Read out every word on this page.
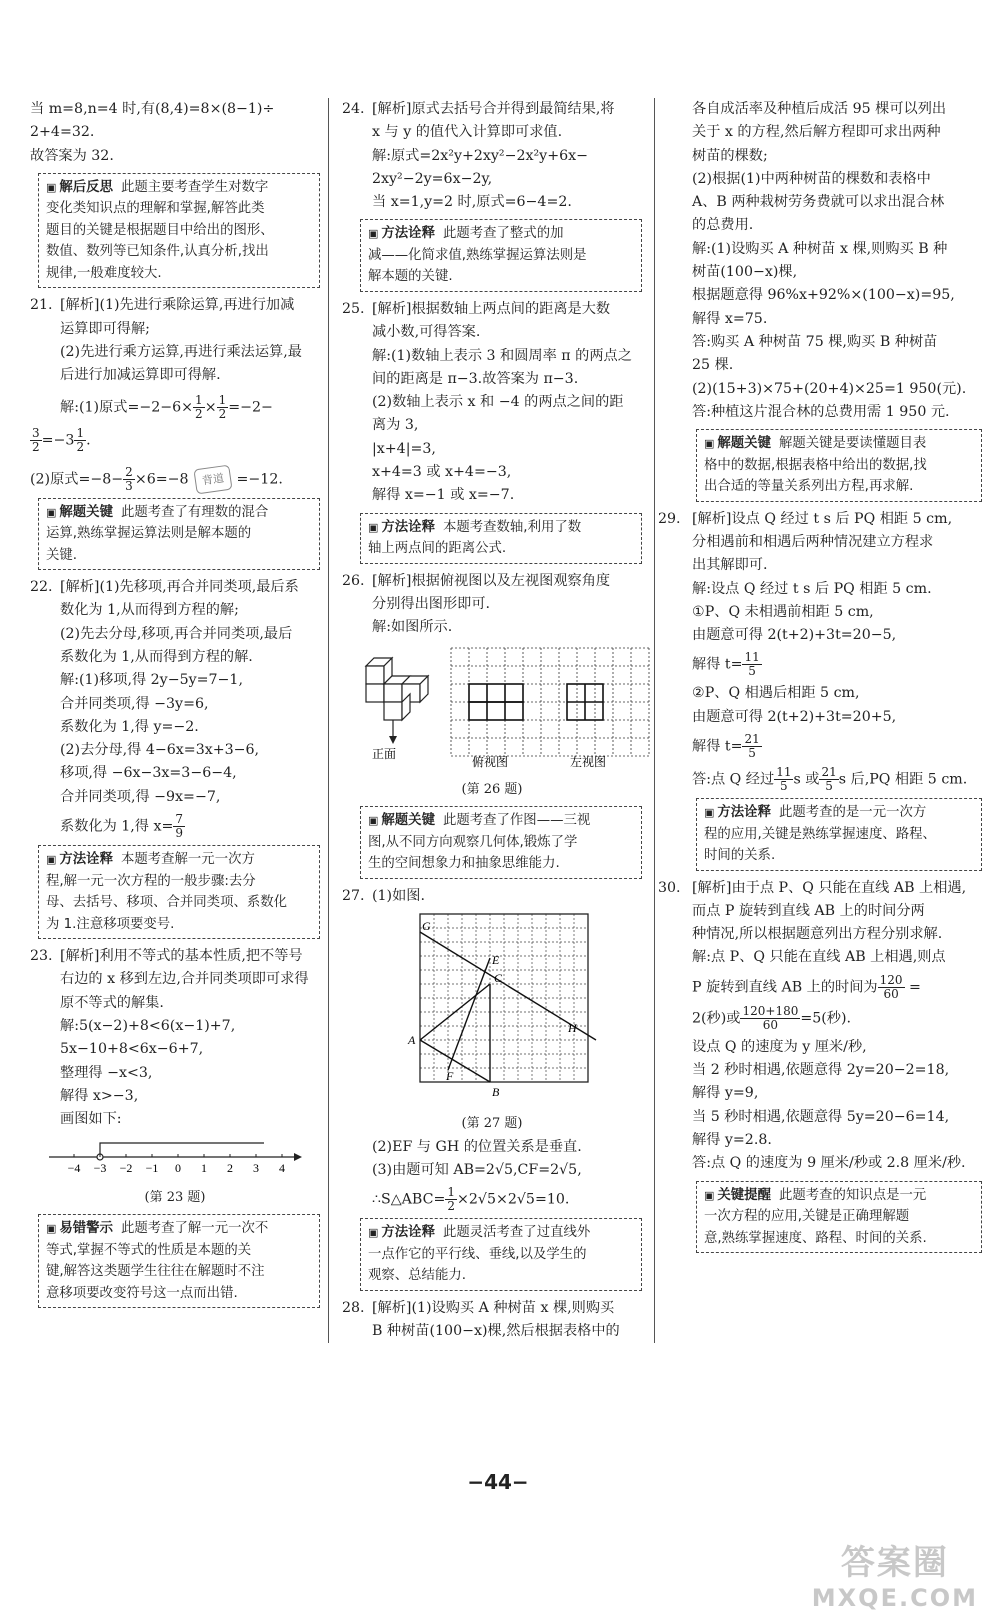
当 m=8,n=4 时,有(8,4)=8×(8−1)÷
2+4=32.
故答案为 32.
▣ 解后反思 此题主要考查学生对数字
变化类知识点的理解和掌握,解答此类
题目的关键是根据题目中给出的图形、
数值、数列等已知条件,认真分析,找出
规律,一般难度较大.
21. [解析](1)先进行乘除运算,再进行加减
运算即可得解;
(2)先进行乘方运算,再进行乘法运算,最
后进行加减运算即可得解.
解:(1)原式$=-2-6\times \frac{1}{2} \times \frac{1}{2} =-2-$
$\frac{3}{2} =-3 \frac{1}{2}$ .
(2)原式$=-8- \frac{2}{3} \times 6=-8$ 背道 =−12.
▣ 解题关键 此题考查了有理数的混合
运算,熟练掌握运算法则是解本题的
关键.
22. [解析](1)先移项,再合并同类项,最后系
数化为 1,从而得到方程的解;
(2)先去分母,移项,再合并同类项,最后
系数化为 1,从而得到方程的解.
解:(1)移项,得 2y−5y=7−1,
合并同类项,得 −3y=6,
系数化为 1,得 y=−2.
(2)去分母,得 4−6x=3x+3−6,
移项,得 −6x−3x=3−6−4,
合并同类项,得 −9x=−7,
系数化为 1,得 $x= \frac{7}{9}$
▣ 方法诠释 本题考查解一元一次方
程,解一元一次方程的一般步骤:去分
母、去括号、移项、合并同类项、系数化
为 1.注意移项要变号.
23. [解析]利用不等式的基本性质,把不等号
右边的 x 移到左边,合并同类项即可求得
原不等式的解集.
解:5(x−2)+8<6(x−1)+7,
5x−10+8<6x−6+7,
整理得 −x<3,
解得 x>−3,
画图如下:
−4 −3 −2 −1 0 1 2 3 4
(第 23 题)
▣ 易错警示 此题考查了解一元一次不
等式,掌握不等式的性质是本题的关
键,解答这类题学生往往在解题时不注
意移项要改变符号这一点而出错.
24. [解析]原式去括号合并得到最简结果,将
x 与 y 的值代入计算即可求值.
解:原式=2x²y+2xy²−2x²y+6x−
2xy²−2y=6x−2y,
当 x=1,y=2 时,原式=6−4=2.
▣ 方法诠释 此题考查了整式的加
减——化简求值,熟练掌握运算法则是
解本题的关键.
25. [解析]根据数轴上两点间的距离是大数
减小数,可得答案.
解:(1)数轴上表示 3 和圆周率 π 的两点之
间的距离是 π−3.故答案为 π−3.
(2)数轴上表示 x 和 −4 的两点之间的距
离为 3,
|x+4|=3,
x+4=3 或 x+4=−3,
解得 x=−1 或 x=−7.
▣ 方法诠释 本题考查数轴,利用了数
轴上两点间的距离公式.
26. [解析]根据俯视图以及左视图观察角度
分别得出图形即可.
解:如图所示.
正面
俯视图	左视图
(第 26 题)
▣ 解题关键 此题考查了作图——三视
图,从不同方向观察几何体,锻炼了学
生的空间想象力和抽象思维能力.
27. (1)如图.
G
E
C
H
A
F
B
(第 27 题)
(2)EF 与 GH 的位置关系是垂直.
(3)由题可知 AB=2√5,CF=2√5,
∴S△ABC= $\frac{1}{2} \times 2√5\times 2√5=10$.
▣ 方法诠释 此题灵活考查了过直线外
一点作它的平行线、垂线,以及学生的
观察、总结能力.
28. [解析](1)设购买 A 种树苗 x 棵,则购买
B 种树苗(100−x)棵,然后根据表格中的
各自成活率及种植后成活 95 棵可以列出
关于 x 的方程,然后解方程即可求出两种
树苗的棵数;
(2)根据(1)中两种树苗的棵数和表格中
A、B 两种栽树劳务费就可以求出混合林
的总费用.
解:(1)设购买 A 种树苗 x 棵,则购买 B 种
树苗(100−x)棵,
根据题意得 96%x+92%×(100−x)=95,
解得 x=75.
答:购买 A 种树苗 75 棵,购买 B 种树苗
25 棵.
(2)(15+3)×75+(20+4)×25=1 950(元).
答:种植这片混合林的总费用需 1 950 元.
▣ 解题关键 解题关键是要读懂题目表
格中的数据,根据表格中给出的数据,找
出合适的等量关系列出方程,再求解.
29. [解析]设点 Q 经过 t s 后 PQ 相距 5 cm,
分相遇前和相遇后两种情况建立方程求
出其解即可.
解:设点 Q 经过 t s 后 PQ 相距 5 cm.
①P、Q 未相遇前相距 5 cm,
由题意可得 2(t+2)+3t=20−5,
解得 $t= \frac{11}{5}$
②P、Q 相遇后相距 5 cm,
由题意可得 2(t+2)+3t=20+5,
解得 $t= \frac{21}{5}$
答:点 Q 经过 $\frac{11}{5}$ s 或 $\frac{21}{5}$ s 后,PQ 相距 5 cm.
▣ 方法诠释 此题考查的是一元一次方
程的应用,关键是熟练掌握速度、路程、
时间的关系.
30. [解析]由于点 P、Q 只能在直线 AB 上相遇,
而点 P 旋转到直线 AB 上的时间分两
种情况,所以根据题意列出方程分别求解.
解:点 P、Q 只能在直线 AB 上相遇,则点
P 旋转到直线 AB 上的时间为 $\frac{120}{60}$ =
2(秒)或 $\frac{120+180}{60} =5$(秒).
设点 Q 的速度为 y 厘米/秒,
当 2 秒时相遇,依题意得 2y=20−2=18,
解得 y=9,
当 5 秒时相遇,依题意得 5y=20−6=14,
解得 y=2.8.
答:点 Q 的速度为 9 厘米/秒或 2.8 厘米/秒.
▣ 关键提醒 此题考查的知识点是一元
一次方程的应用,关键是正确理解题
意,熟练掌握速度、路程、时间的关系.
−44−
答案圈
MXQE.COM
